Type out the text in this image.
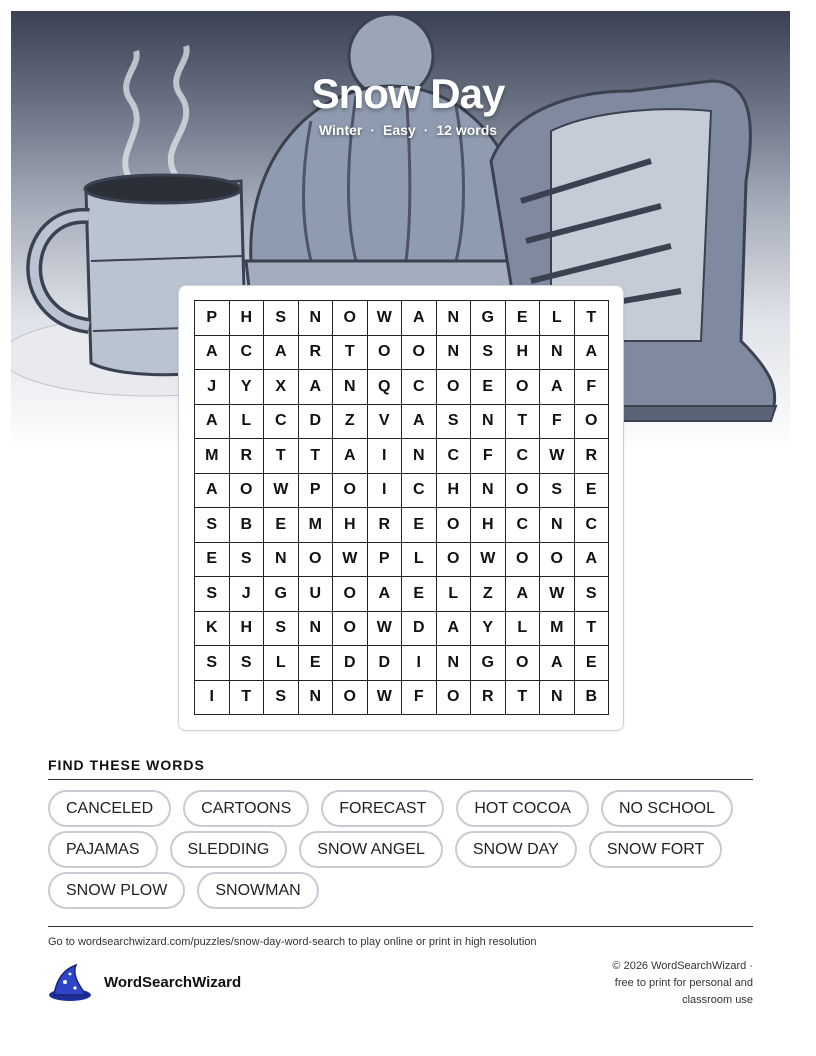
Snow Day
Winter · Easy · 12 words
P	H	S	N	O	W	A	N	G	E	L	T
A	C	A	R	T	O	O	N	S	H	N	A
J	Y	X	A	N	Q	C	O	E	O	A	F
A	L	C	D	Z	V	A	S	N	T	F	O
M	R	T	T	A	I	N	C	F	C	W	R
A	O	W	P	O	I	C	H	N	O	S	E
S	B	E	M	H	R	E	O	H	C	N	C
E	S	N	O	W	P	L	O	W	O	O	A
S	J	G	U	O	A	E	L	Z	A	W	S
K	H	S	N	O	W	D	A	Y	L	M	T
S	S	L	E	D	D	I	N	G	O	A	E
I	T	S	N	O	W	F	O	R	T	N	B
FIND THESE WORDS
CANCELED	CARTOONS	FORECAST	HOT COCOA	NO SCHOOL
PAJAMAS	SLEDDING	SNOW ANGEL	SNOW DAY	SNOW FORT
SNOW PLOW	SNOWMAN
Go to wordsearchwizard.com/puzzles/snow-day-word-search to play online or print in high resolution
WordSearchWizard
© 2026 WordSearchWizard ·
free to print for personal and
classroom use
